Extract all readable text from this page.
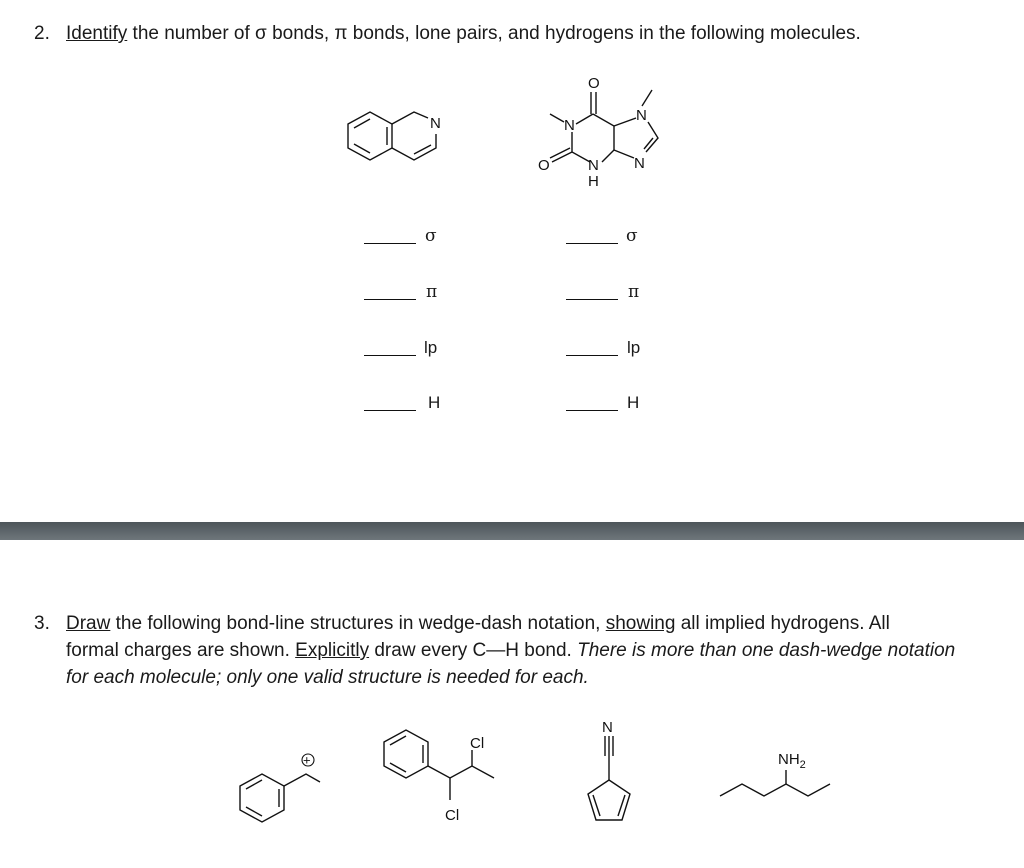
2. Identify the number of σ bonds, π bonds, lone pairs, and hydrogens in the following molecules.
N
O
N
O	N
H
N
N
σ
π
lp
H
σ
π
lp
H
3. Draw the following bond-line structures in wedge-dash notation, showing all implied hydrogens. All
formal charges are shown. Explicitly draw every C—H bond. There is more than one dash-wedge notation
for each molecule; only one valid structure is needed for each.
+
Cl
Cl
N
$NH_2$
